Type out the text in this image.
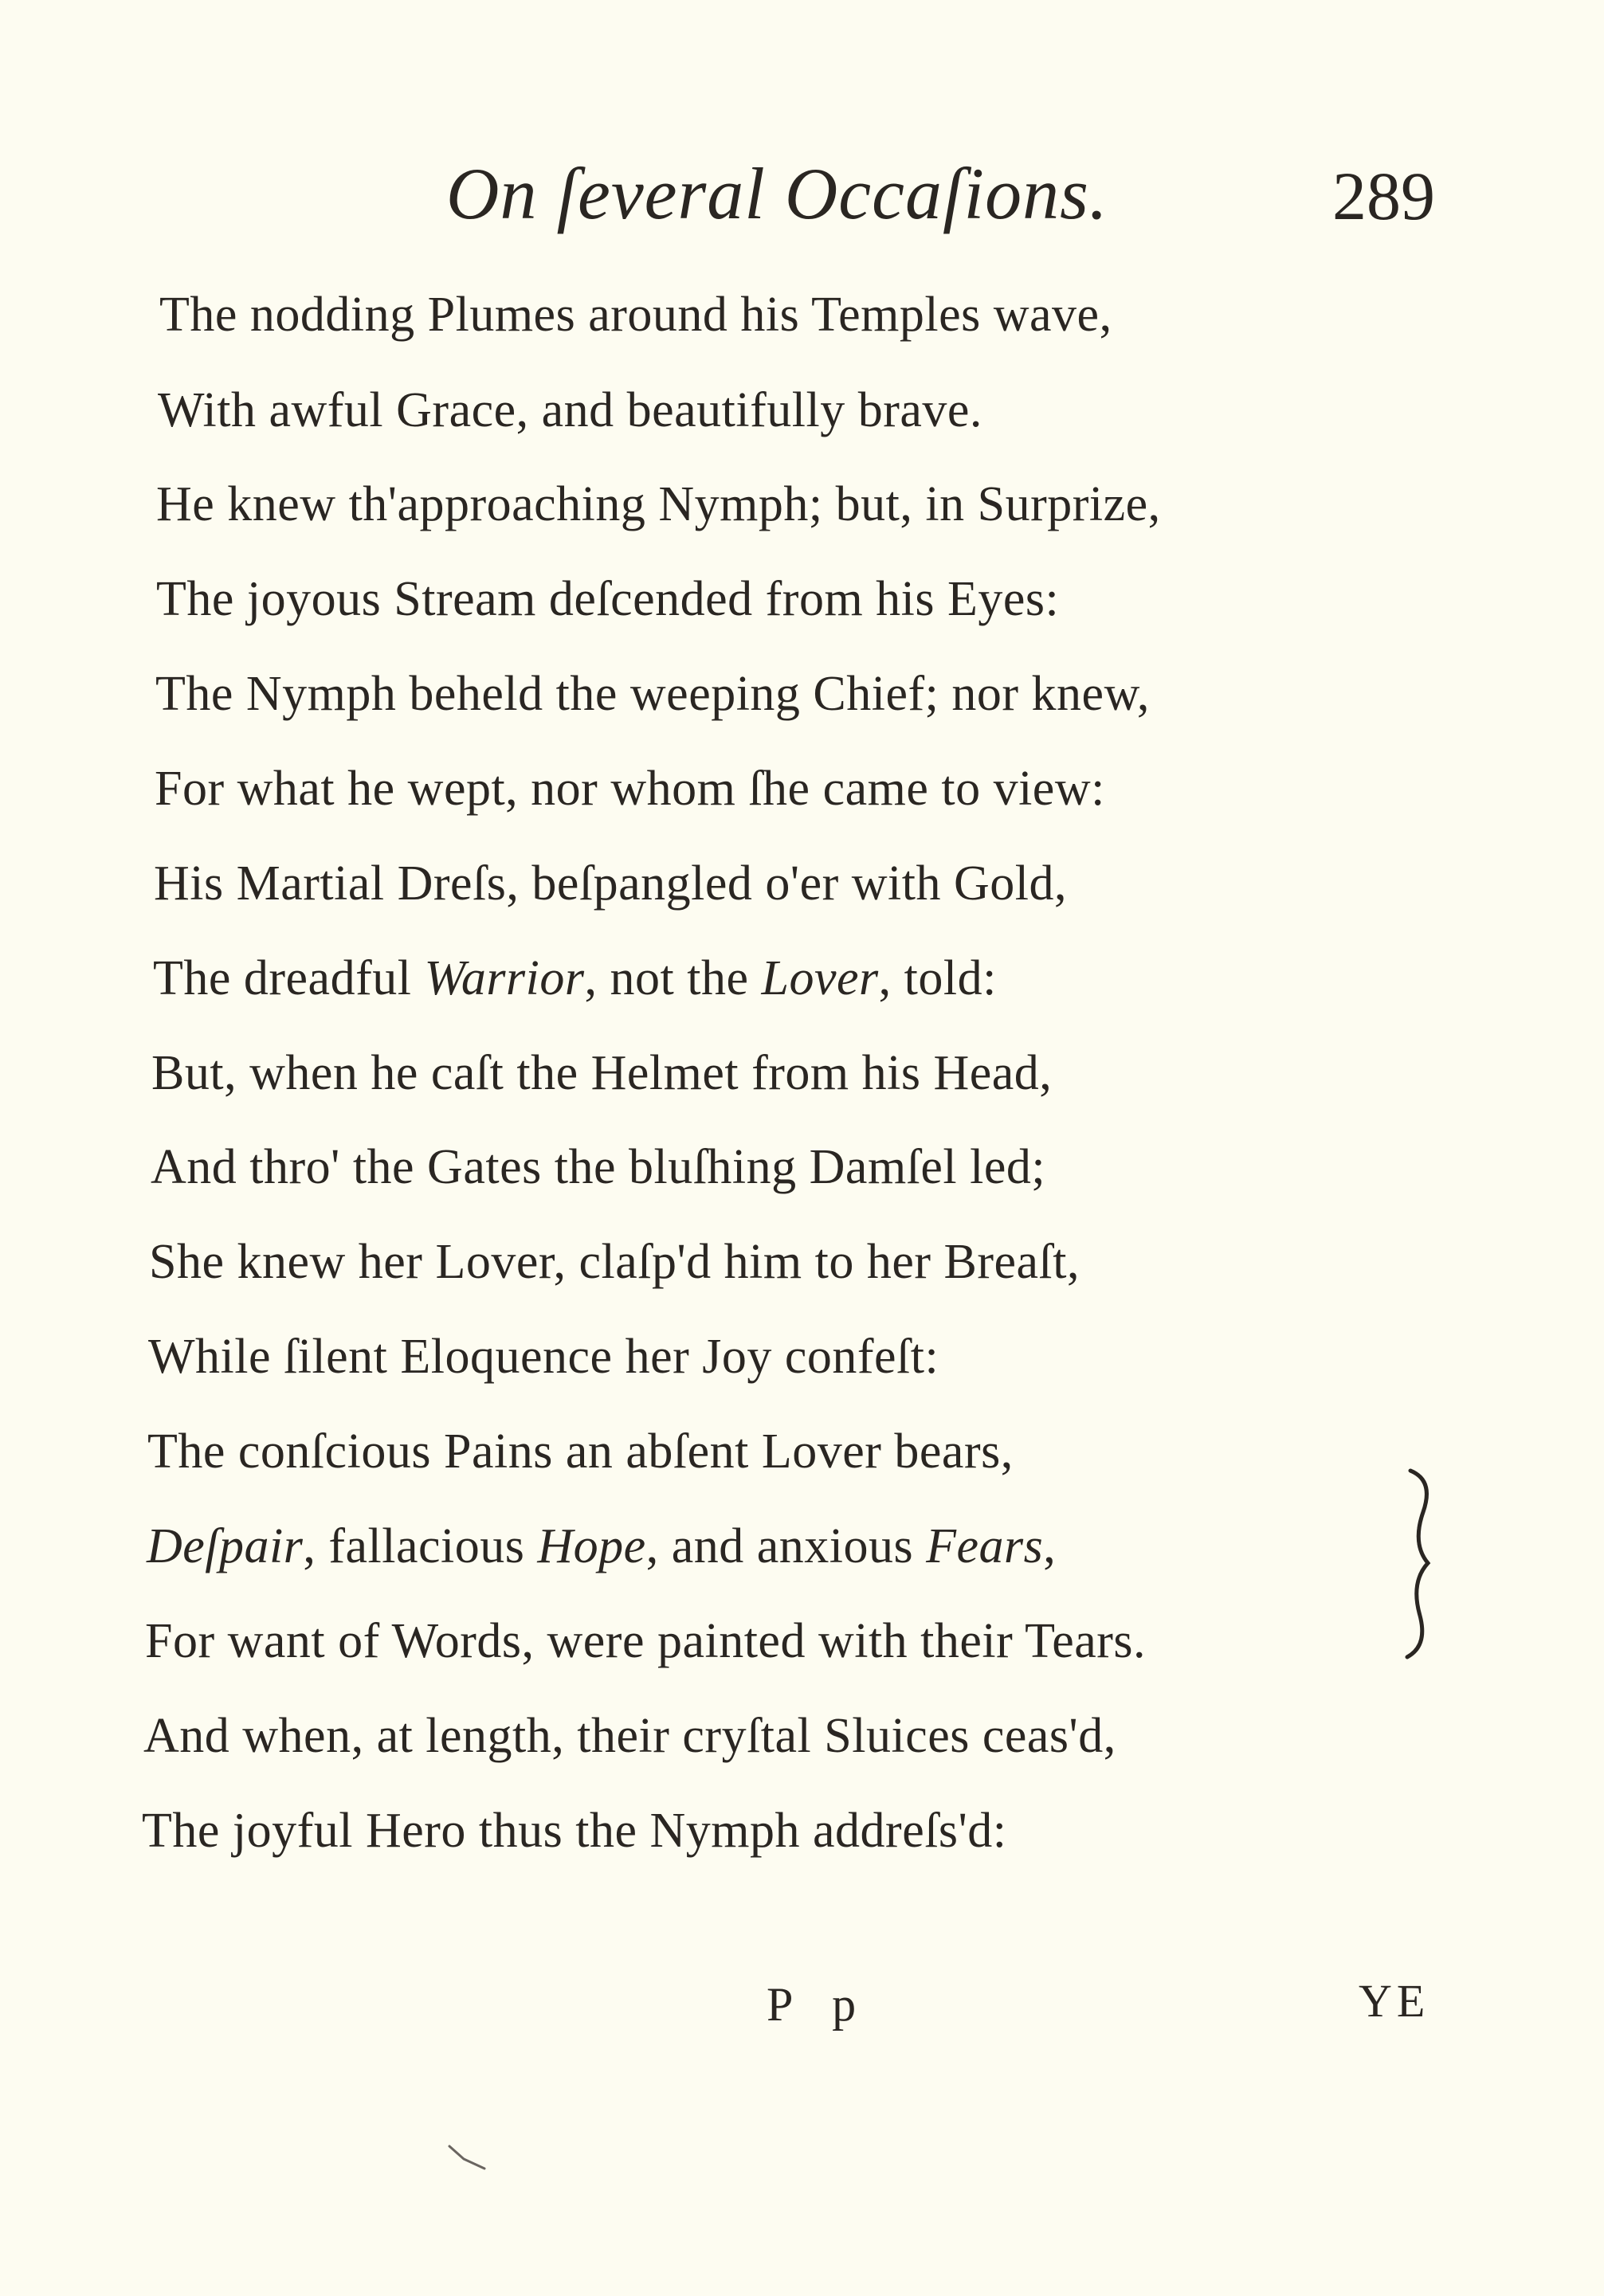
On ſeveral Occaſions.	289
The nodding Plumes around his Temples wave,
With awful Grace, and beautifully brave.
He knew th'approaching Nymph; but, in Surprize,
The joyous Stream deſcended from his Eyes:
The Nymph beheld the weeping Chief; nor knew,
For what he wept, nor whom ſhe came to view:
His Martial Dreſs, beſpangled o'er with Gold,
The dreadful Warrior, not the Lover, told:
But, when he caſt the Helmet from his Head,
And thro' the Gates the bluſhing Damſel led;
She knew her Lover, claſp'd him to her Breaſt,
While ſilent Eloquence her Joy confeſt:
The conſcious Pains an abſent Lover bears,
Deſpair, fallacious Hope, and anxious Fears,
For want of Words, were painted with their Tears.
And when, at length, their cryſtal Sluices ceas'd,
The joyful Hero thus the Nymph addreſs'd:
P p	YE
